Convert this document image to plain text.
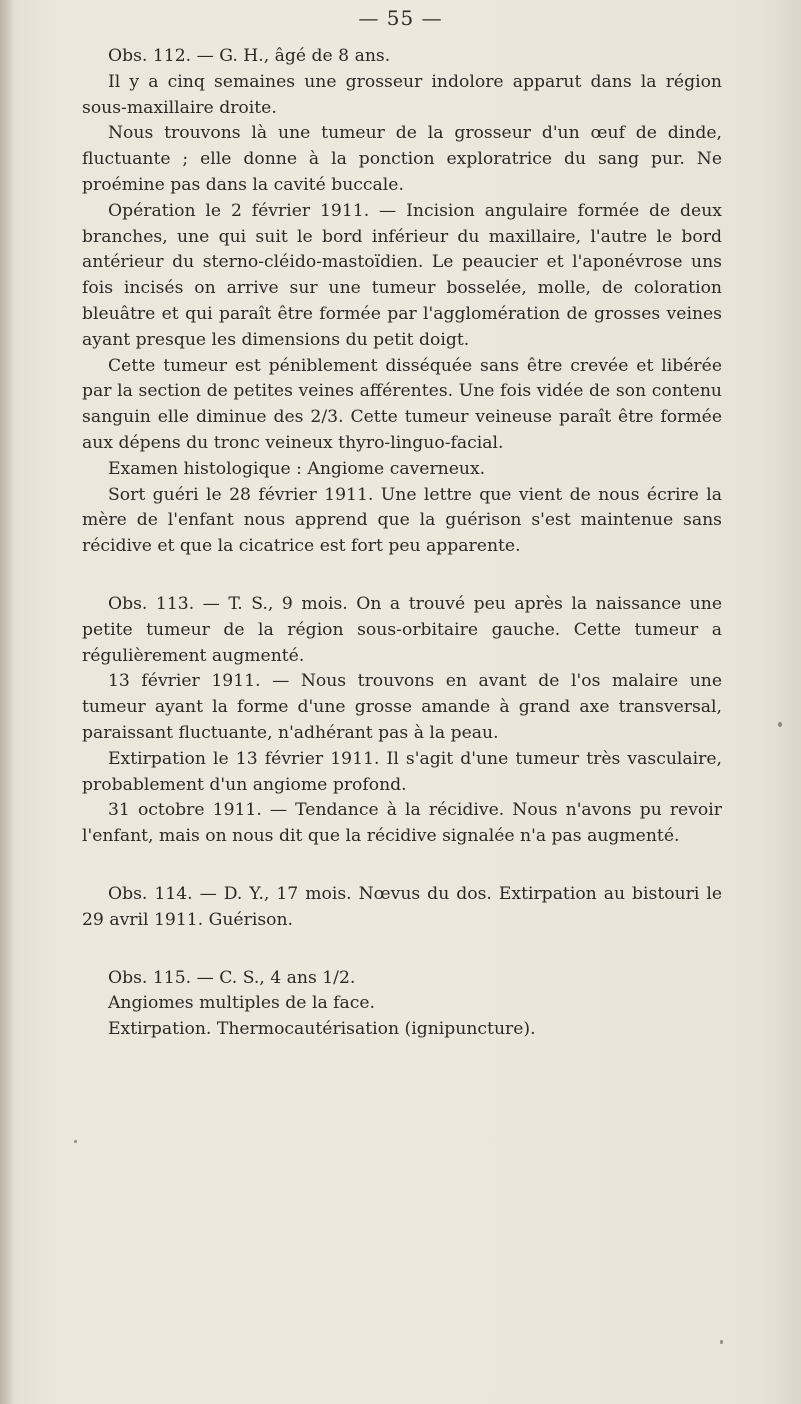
— 55 —

Obs. 112. — G. H., âgé de 8 ans.

Il y a cinq semaines une grosseur indolore apparut dans la région sous-maxillaire droite.

Nous trouvons là une tumeur de la grosseur d'un œuf de dinde, fluctuante ; elle donne à la ponction exploratrice du sang pur. Ne proémine pas dans la cavité buccale.

Opération le 2 février 1911. — Incision angulaire formée de deux branches, une qui suit le bord inférieur du maxillaire, l'autre le bord antérieur du sterno-cléido-mastoïdien. Le peaucier et l'aponévrose uns fois incisés on arrive sur une tumeur bosselée, molle, de coloration bleuâtre et qui paraît être formée par l'agglomération de grosses veines ayant presque les dimensions du petit doigt.

Cette tumeur est péniblement disséquée sans être crevée et libérée par la section de petites veines afférentes. Une fois vidée de son contenu sanguin elle diminue des 2/3. Cette tumeur veineuse paraît être formée aux dépens du tronc veineux thyro-linguo-facial.

Examen histologique : Angiome caverneux.

Sort guéri le 28 février 1911. Une lettre que vient de nous écrire la mère de l'enfant nous apprend que la guérison s'est maintenue sans récidive et que la cicatrice est fort peu apparente.

Obs. 113. — T. S., 9 mois. On a trouvé peu après la naissance une petite tumeur de la région sous-orbitaire gauche. Cette tumeur a régulièrement augmenté.

13 février 1911. — Nous trouvons en avant de l'os malaire une tumeur ayant la forme d'une grosse amande à grand axe transversal, paraissant fluctuante, n'adhérant pas à la peau.

Extirpation le 13 février 1911. Il s'agit d'une tumeur très vasculaire, probablement d'un angiome profond.

31 octobre 1911. — Tendance à la récidive. Nous n'avons pu revoir l'enfant, mais on nous dit que la récidive signalée n'a pas augmenté.

Obs. 114. — D. Y., 17 mois. Nœvus du dos. Extirpation au bistouri le 29 avril 1911. Guérison.

Obs. 115. — C. S., 4 ans 1/2.

Angiomes multiples de la face.

Extirpation. Thermocautérisation (ignipuncture).
